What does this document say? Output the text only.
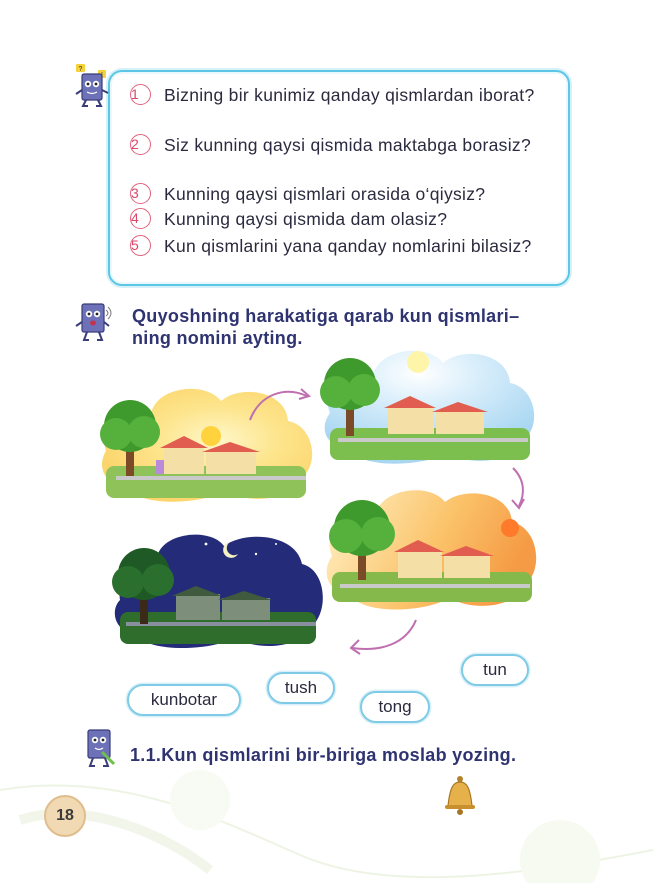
?
1	Bizning bir kunimiz qanday qismlardan iborat?
2	Siz kunning qaysi qismida maktabga borasiz?
3	Kunning qaysi qismlari orasida o‘qiysiz?
4	Kunning qaysi qismida dam olasiz?
5	Kun qismlarini yana qanday nomlarini bilasiz?
Quyoshning harakatiga qarab kun qismlari–
ning nomini ayting.
kunbotar
tush
tong
tun
1.1.Kun qismlarini bir-biriga moslab yozing.
18
